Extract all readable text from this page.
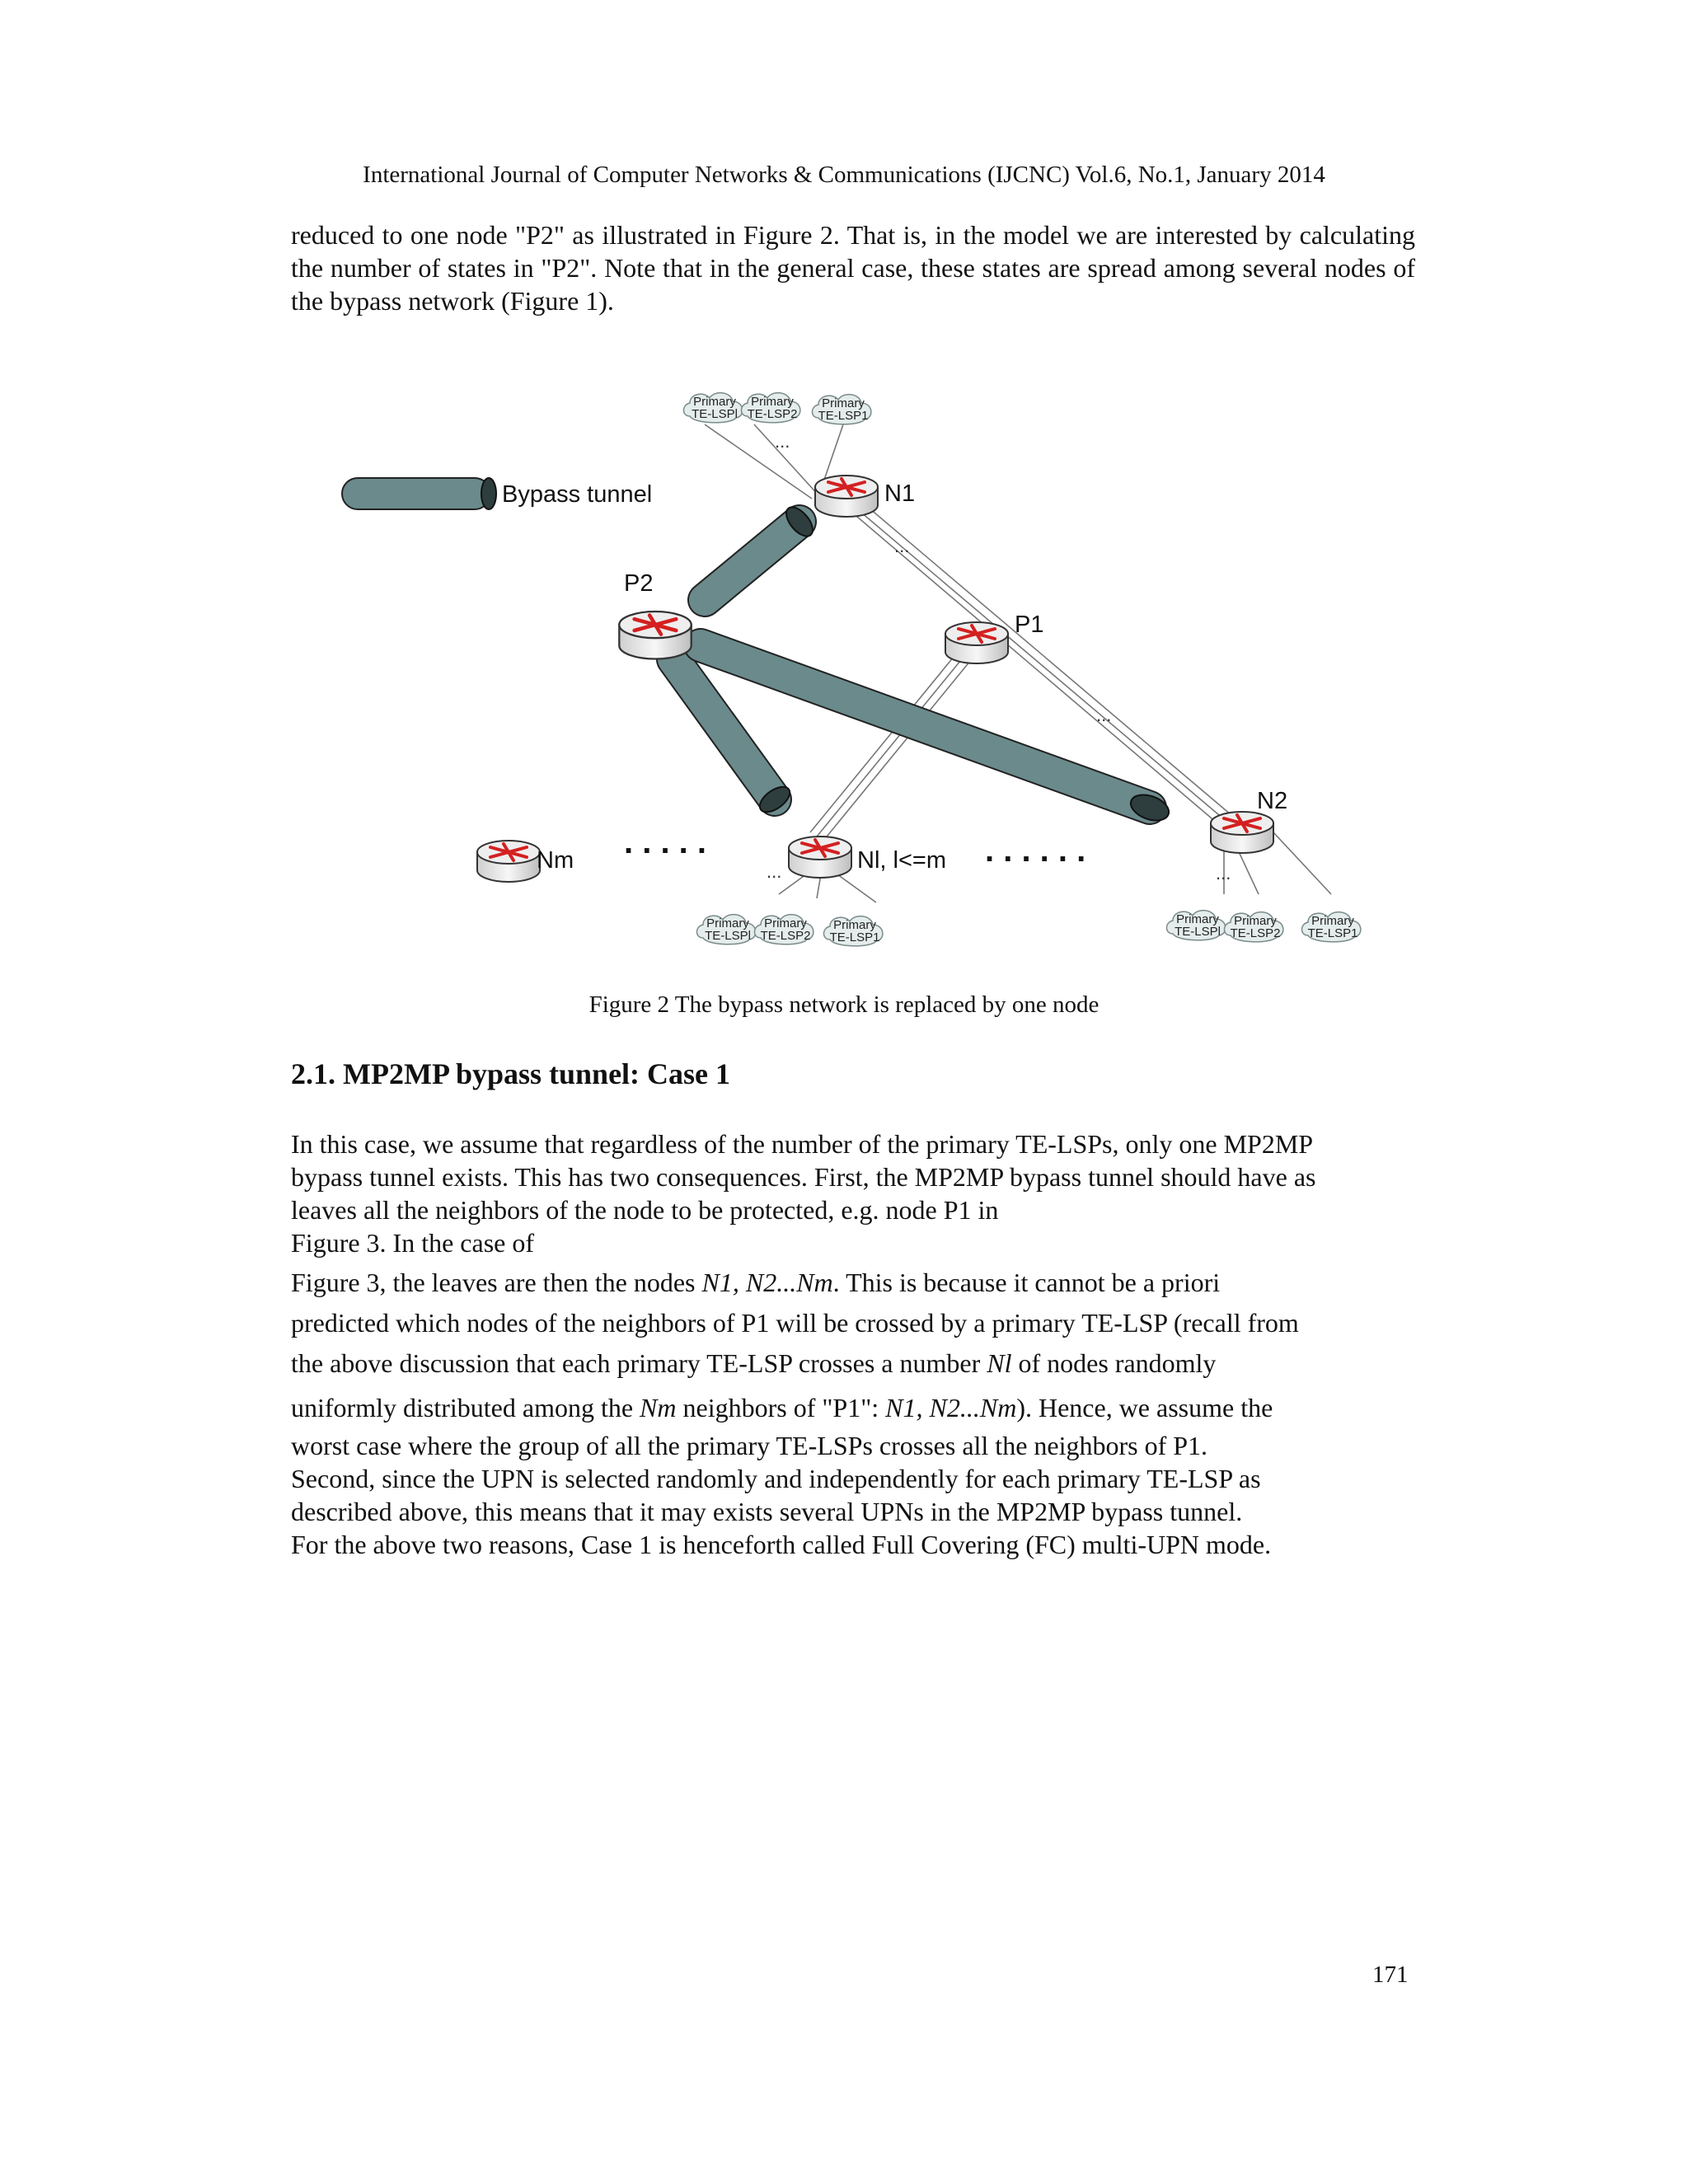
International Journal of Computer Networks & Communications (IJCNC) Vol.6, No.1, January 2014
reduced to one node "P2" as illustrated in Figure 2. That is, in the model we are interested by calculating the number of states in "P2". Note that in the general case, these states are spread among several nodes of the bypass network (Figure 1).
Bypass tunnel
...
...
...
...	...
. . . . .	. . . . . .
N1
P2
P1
N2
Nl, l<=m
Nm
Primary TE-LSPl
Primary TE-LSP2
Primary TE-LSP1
Primary TE-LSPl
Primary TE-LSP2
Primary TE-LSP1
Primary TE-LSPl
Primary TE-LSP2
Primary TE-LSP1
Figure 2 The bypass network is replaced by one node
2.1. MP2MP bypass tunnel: Case 1
In this case, we assume that regardless of the number of the primary TE-LSPs, only one MP2MP
bypass tunnel exists. This has two consequences. First, the MP2MP bypass tunnel should have as
leaves all the neighbors of the node to be protected, e.g. node P1 in
Figure 3. In the case of
Figure 3, the leaves are then the nodes N1, N2...Nm. This is because it cannot be a priori
predicted which nodes of the neighbors of P1 will be crossed by a primary TE-LSP (recall from
the above discussion that each primary TE-LSP crosses a number Nl of nodes randomly
uniformly distributed among the Nm neighbors of "P1": N1, N2...Nm). Hence, we assume the
worst case where the group of all the primary TE-LSPs crosses all the neighbors of P1.
Second, since the UPN is selected randomly and independently for each primary TE-LSP as
described above, this means that it may exists several UPNs in the MP2MP bypass tunnel.
For the above two reasons, Case 1 is henceforth called Full Covering (FC) multi-UPN mode.
171
